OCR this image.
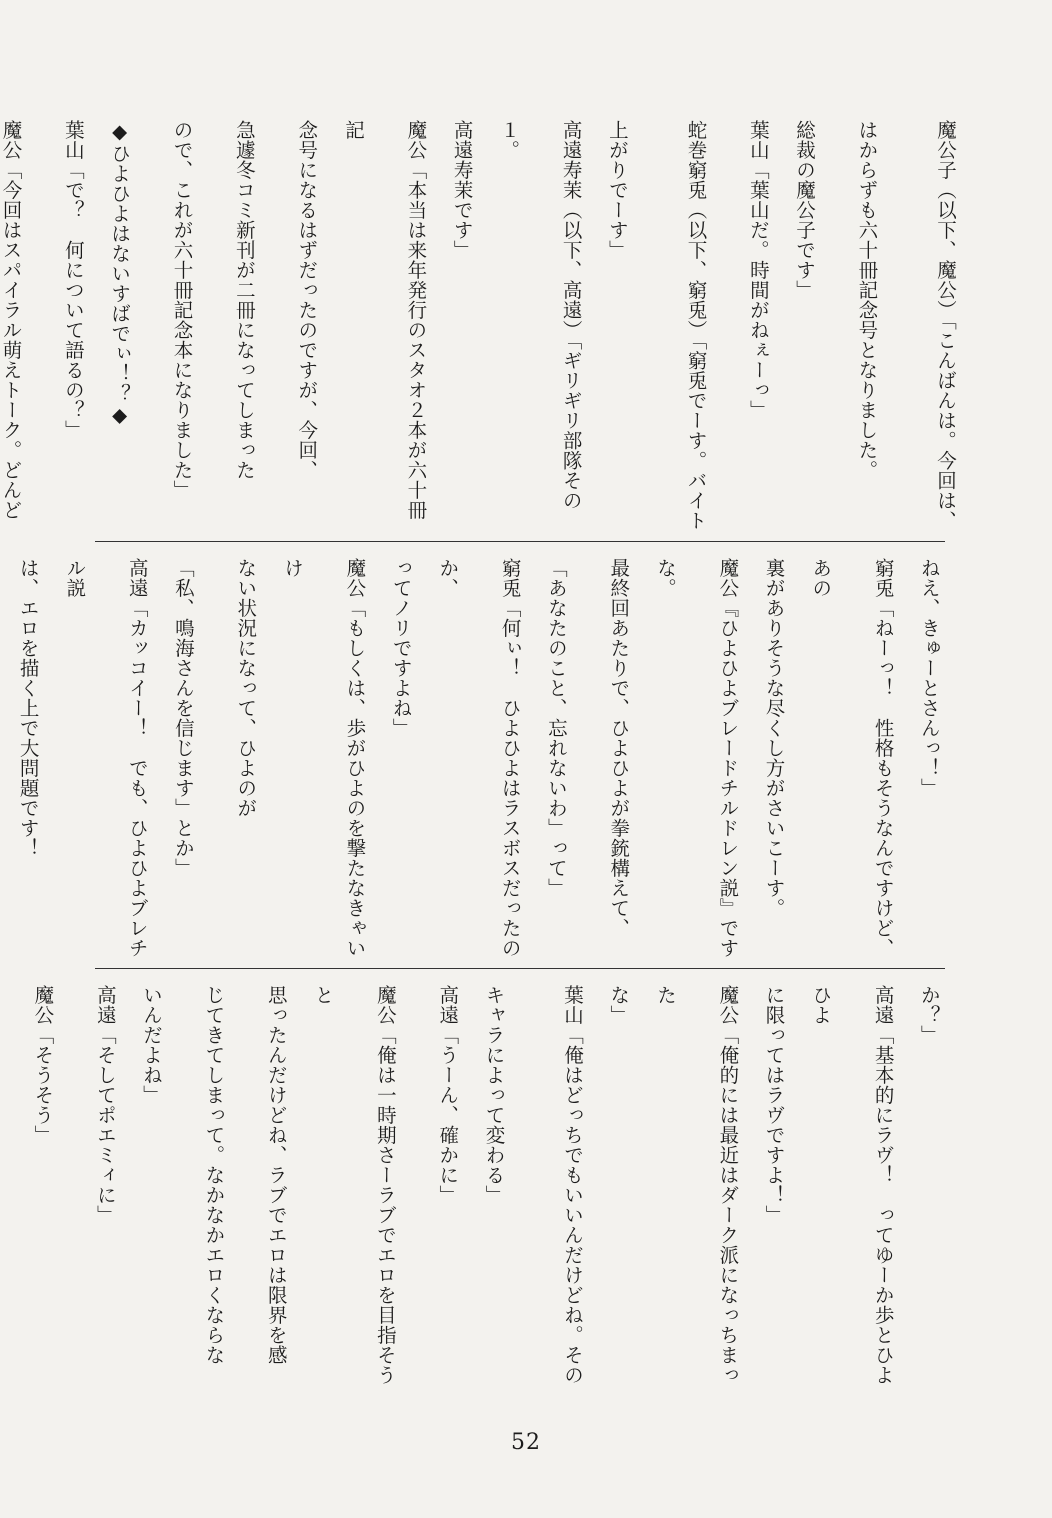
魔公子（以下、魔公）「こんばんは。今回は、
はからずも六十冊記念号となりました。
総裁の魔公子です」
葉山「葉山だ。時間がねぇーっ」
蛇巻窮兎（以下、窮兎）「窮兎でーす。バイト
上がりでーす」
高遠寿茉（以下、高遠）「ギリギリ部隊その１。
高遠寿茉です」
魔公「本当は来年発行のスタオ２本が六十冊記
念号になるはずだったのですが、今回、
急遽冬コミ新刊が二冊になってしまった
ので、これが六十冊記念本になりました」
◆ひよひよはないすばでぃ！？◆
葉山「で？　何について語るの？」
魔公「今回はスパイラル萌えトーク。どんど
ねえ、きゅーとさんっ！」
窮兎「ねーっ！　性格もそうなんですけど、あの
裏がありそうな尽くし方がさいこーす。
魔公『ひよひよブレードチルドレン説』ですな。
最終回あたりで、ひよひよが拳銃構えて、
「あなたのこと、忘れないわ」って」
窮兎「何ぃ！　ひよひよはラスボスだったのか、
ってノリですよね」
魔公「もしくは、歩がひよのを撃たなきゃいけ
ない状況になって、ひよのが
「私、鳴海さんを信じます」とか」
高遠「カッコイー！　でも、ひよひよブレチル説
は、エロを描く上で大問題です！
か？」
高遠「基本的にラヴ！　ってゆーか歩とひよひよ
に限ってはラヴですよ！」
魔公「俺的には最近はダーク派になっちまった
な」
葉山「俺はどっちでもいいんだけどね。その
キャラによって変わる」
高遠「うーん、確かに」
魔公「俺は一時期さーラブでエロを目指そうと
思ったんだけどね、ラブでエロは限界を感
じてきてしまって。なかなかエロくならな
いんだよね」
高遠「そしてポエミィに」
魔公「そうそう」
52
